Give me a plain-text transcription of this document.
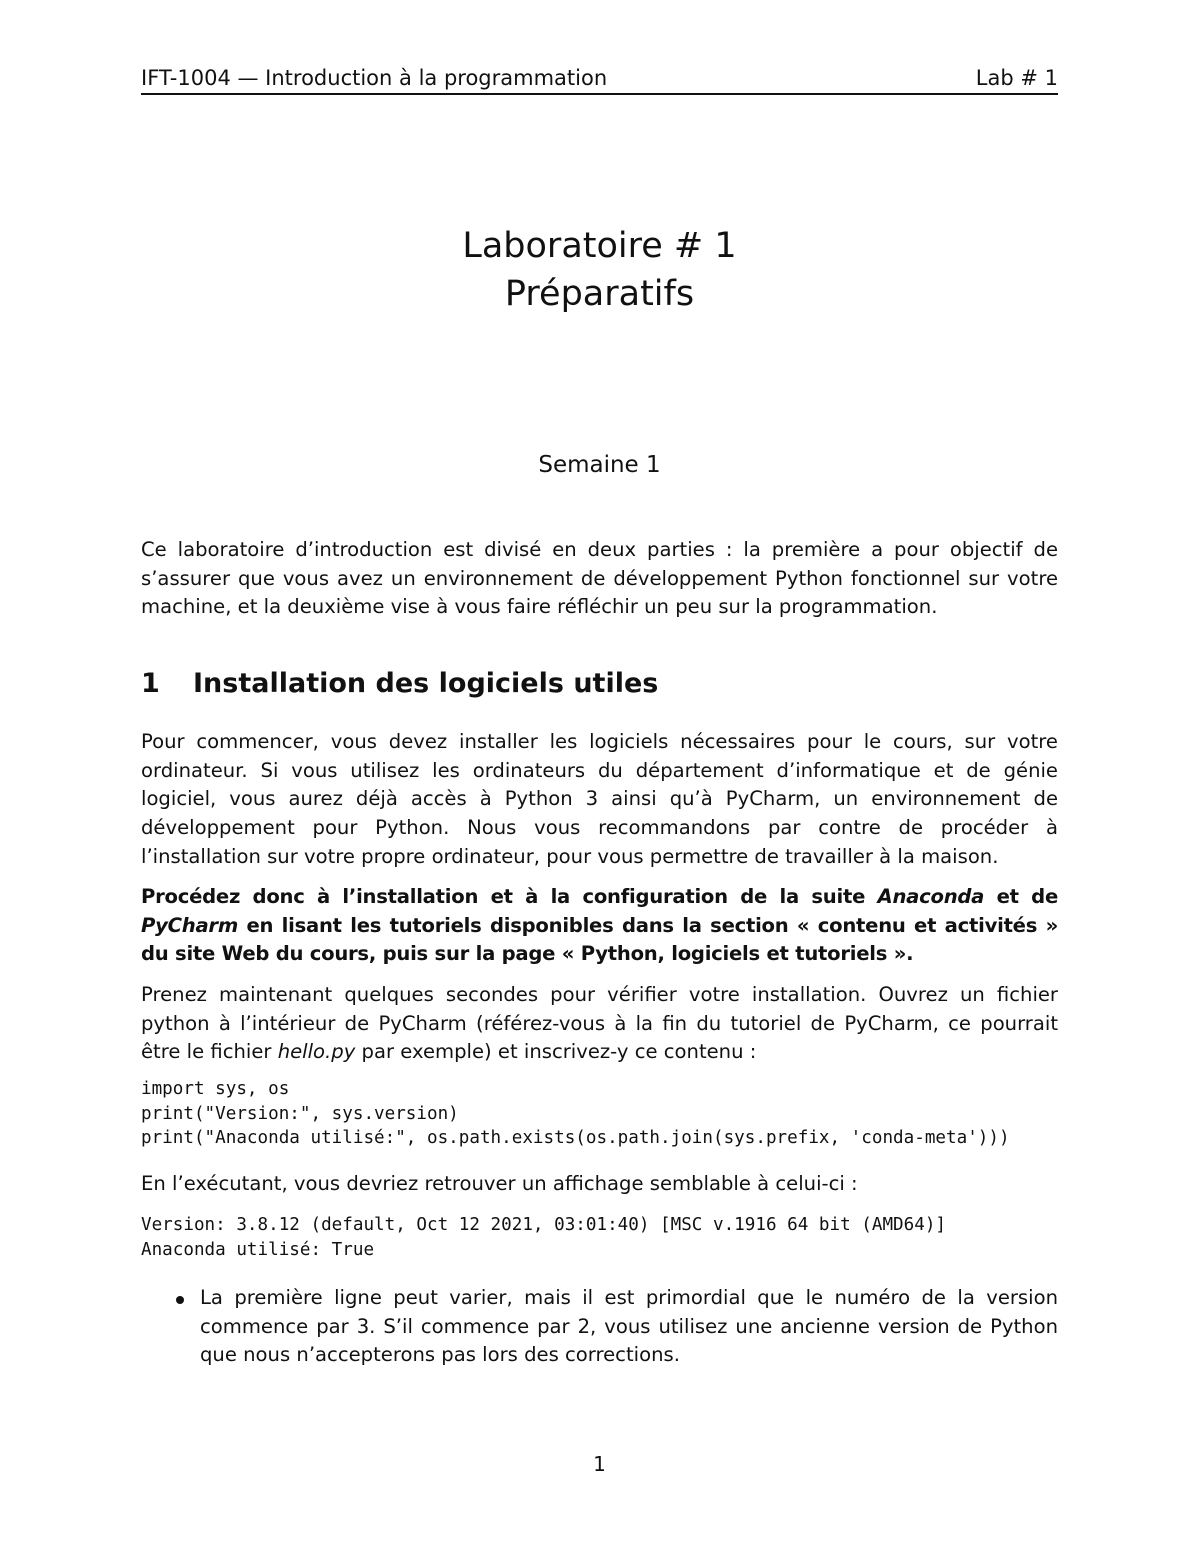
IFT-1004 — Introduction à la programmation	Lab # 1
Laboratoire # 1
Préparatifs
Semaine 1

Ce laboratoire d’introduction est divisé en deux parties : la première a pour objectif de s’assurer que vous avez un environnement de développement Python fonctionnel sur votre machine, et la deuxième vise à vous faire réfléchir un peu sur la programmation.

1 Installation des logiciels utiles

Pour commencer, vous devez installer les logiciels nécessaires pour le cours, sur votre ordinateur. Si vous utilisez les ordinateurs du département d’informatique et de génie logiciel, vous aurez déjà accès à Python 3 ainsi qu’à PyCharm, un environnement de développement pour Python. Nous vous recommandons par contre de procéder à l’installation sur votre propre ordinateur, pour vous permettre de travailler à la maison.

Procédez donc à l’installation et à la configuration de la suite Anaconda et de PyCharm en lisant les tutoriels disponibles dans la section « contenu et activités » du site Web du cours, puis sur la page « Python, logiciels et tutoriels ».

Prenez maintenant quelques secondes pour vérifier votre installation. Ouvrez un fichier python à l’intérieur de PyCharm (référez-vous à la fin du tutoriel de PyCharm, ce pourrait être le fichier hello.py par exemple) et inscrivez-y ce contenu :

import sys, os
print("Version:", sys.version)
print("Anaconda utilisé:", os.path.exists(os.path.join(sys.prefix, 'conda-meta')))

En l’exécutant, vous devriez retrouver un affichage semblable à celui-ci :

Version: 3.8.12 (default, Oct 12 2021, 03:01:40) [MSC v.1916 64 bit (AMD64)]
Anaconda utilisé: True
La première ligne peut varier, mais il est primordial que le numéro de la version commence par 3. S’il commence par 2, vous utilisez une ancienne version de Python que nous n’accepterons pas lors des corrections.
1
